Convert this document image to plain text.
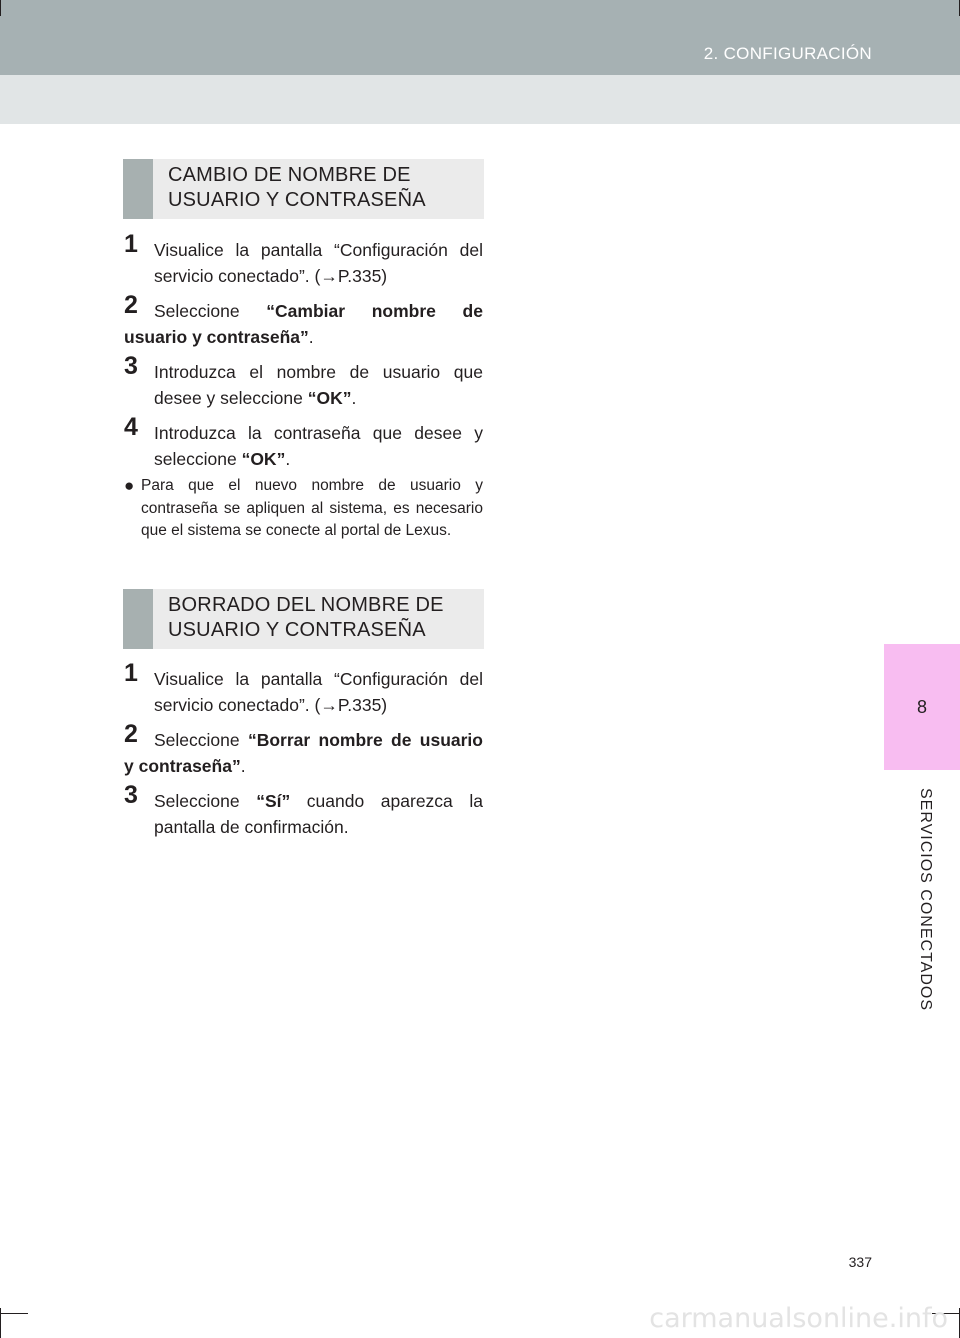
2. CONFIGURACIÓN
8
SERVICIOS CONECTADOS
CAMBIO DE NOMBRE DE
USUARIO Y CONTRASEÑA
1 Visualice la pantalla “Configuración del servicio conectado”. (→P.335)
2 Seleccione “Cambiar nombre de usuario y contraseña”.
3 Introduzca el nombre de usuario que desee y seleccione “OK”.
4 Introduzca la contraseña que desee y seleccione “OK”.
● Para que el nuevo nombre de usuario y contraseña se apliquen al sistema, es necesario que el sistema se conecte al portal de Lexus.
BORRADO DEL NOMBRE DE
USUARIO Y CONTRASEÑA
1 Visualice la pantalla “Configuración del servicio conectado”. (→P.335)
2 Seleccione “Borrar nombre de usuario y contraseña”.
3 Seleccione “Sí” cuando aparezca la pantalla de confirmación.
337
carmanualsonline.info
